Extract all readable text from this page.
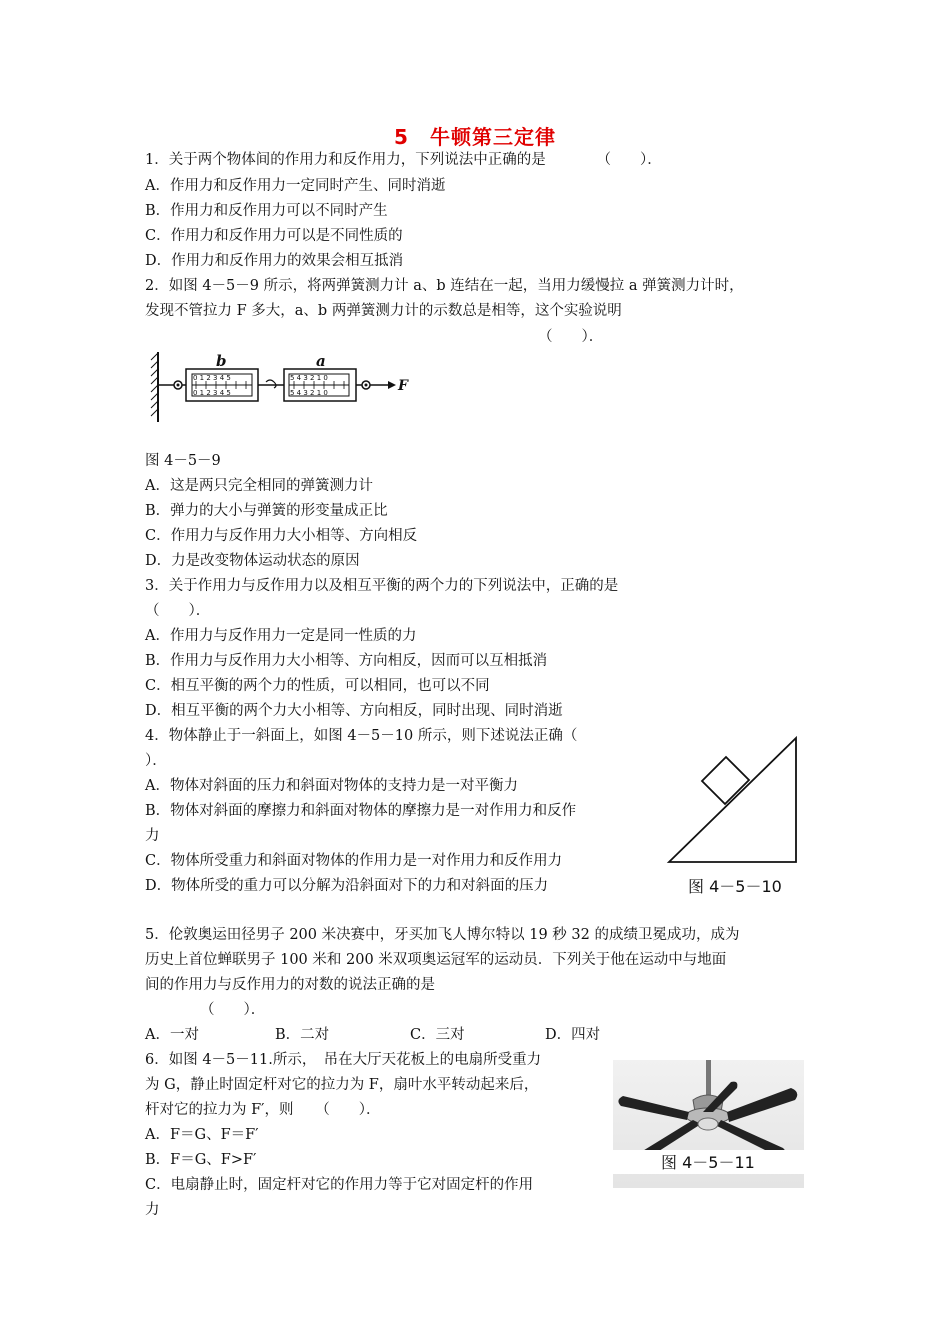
5　牛顿第三定律
1．关于两个物体间的作用力和反作用力，下列说法中正确的是　　　　（　　）．
A．作用力和反作用力一定同时产生、同时消逝
B．作用力和反作用力可以不同时产生
C．作用力和反作用力可以是不同性质的
D．作用力和反作用力的效果会相互抵消
2．如图 4－5－9 所示，将两弹簧测力计 a、b 连结在一起，当用力缓慢拉 a 弹簧测力计时，
发现不管拉力 F 多大，a、b 两弹簧测力计的示数总是相等，这个实验说明
（　　）．
0 1 2 3 4 5
0 1 2 3 4 5
b
5 4 3 2 1 0
5 4 3 2 1 0
a
F
图 4－5－9
A．这是两只完全相同的弹簧测力计
B．弹力的大小与弹簧的形变量成正比
C．作用力与反作用力大小相等、方向相反
D．力是改变物体运动状态的原因
3．关于作用力与反作用力以及相互平衡的两个力的下列说法中，正确的是
（　　）．
A．作用力与反作用力一定是同一性质的力
B．作用力与反作用力大小相等、方向相反，因而可以互相抵消
C．相互平衡的两个力的性质，可以相同，也可以不同
D．相互平衡的两个力大小相等、方向相反，同时出现、同时消逝
4．物体静止于一斜面上，如图 4－5－10 所示，则下述说法正确（
）．
A．物体对斜面的压力和斜面对物体的支持力是一对平衡力
B．物体对斜面的摩擦力和斜面对物体的摩擦力是一对作用力和反作
力
C．物体所受重力和斜面对物体的作用力是一对作用力和反作用力
D．物体所受的重力可以分解为沿斜面对下的力和对斜面的压力	图 4－5－10
5．伦敦奥运田径男子 200 米决赛中，牙买加飞人博尔特以 19 秒 32 的成绩卫冕成功，成为
历史上首位蝉联男子 100 米和 200 米双项奥运冠军的运动员．下列关于他在运动中与地面
间的作用力与反作用力的对数的说法正确的是
（　　）．
A．一对	B．二对	C．三对	D．四对
6．如图 4－5－11.所示，　吊在大厅天花板上的电扇所受重力
为 G，静止时固定杆对它的拉力为 F，扇叶水平转动起来后，
杆对它的拉力为 F′，则　　（　　）．
A．F＝G、F＝F′
B．F＝G、F>F′
C．电扇静止时，固定杆对它的作用力等于它对固定杆的作用
力
图 4－5－11
